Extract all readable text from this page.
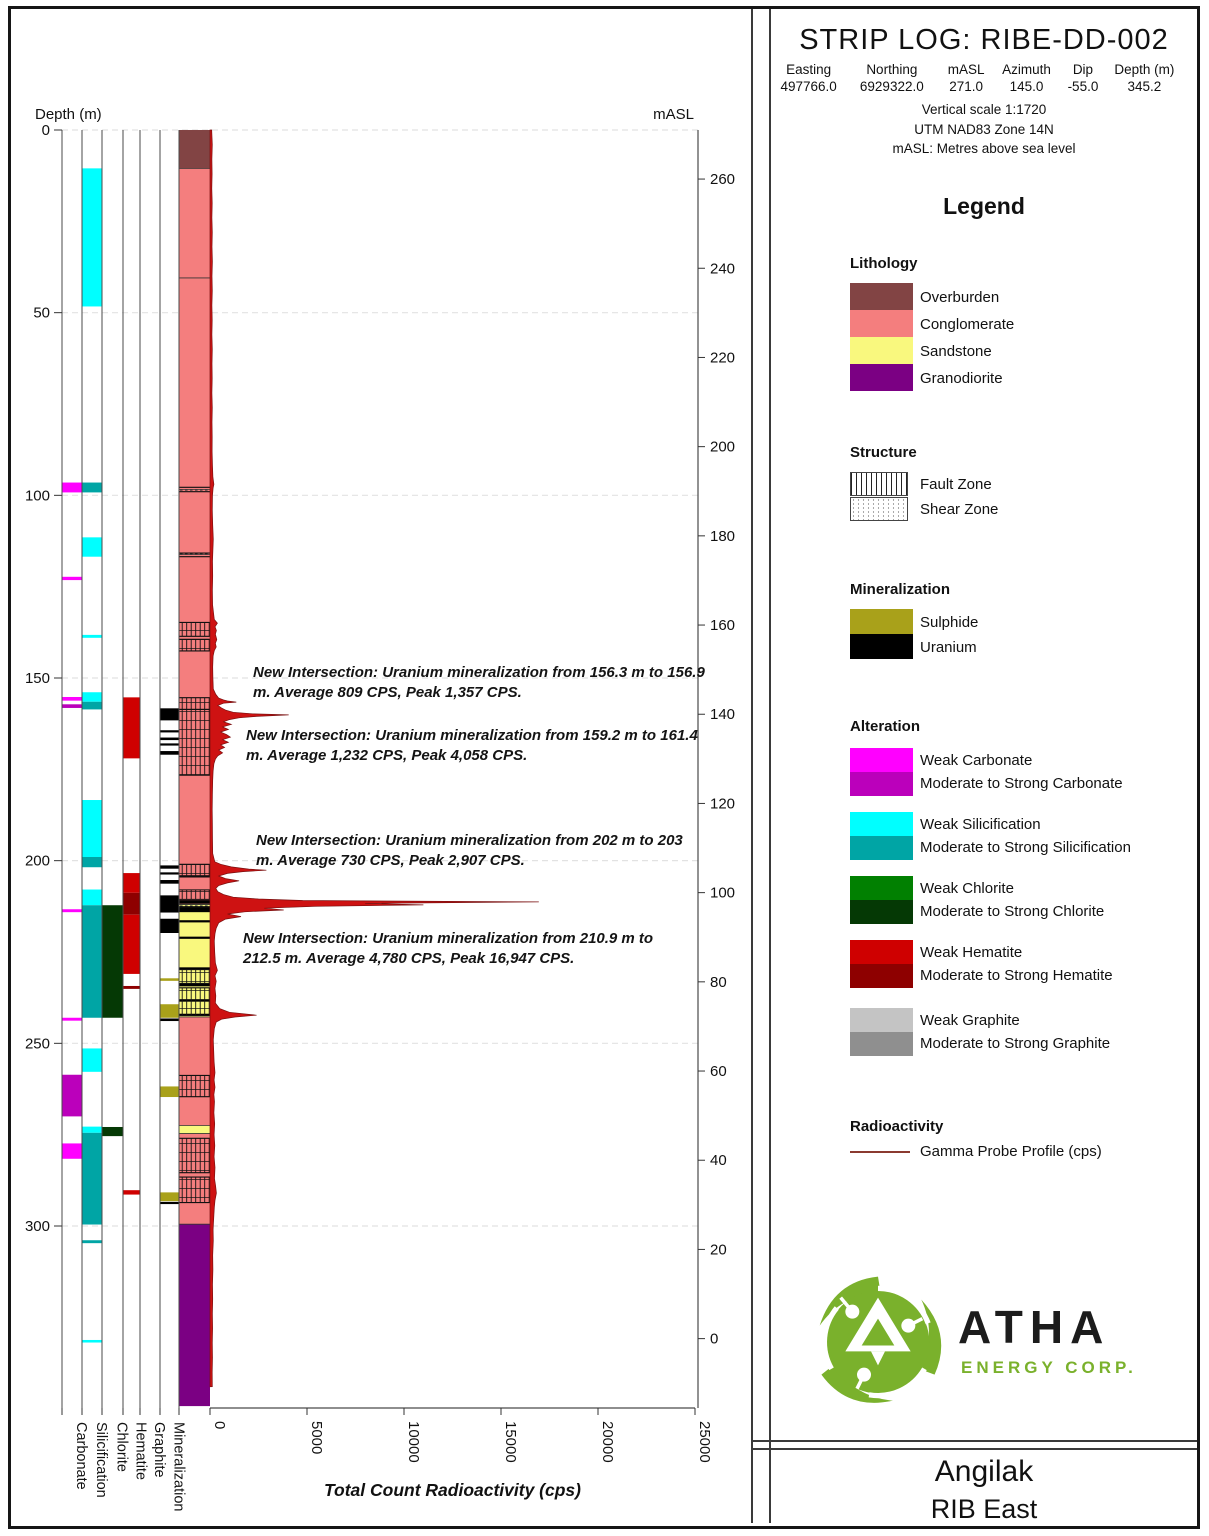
260
240
220
200
180
160
140
120
100
80
60
40
20
0
0
50
100
150
200
250
300
0	5000	10000	15000	20000	25000
Carbonate Silicification Chlorite Hematite Graphite Mineralization
Depth (m)	mASL
Total Count Radioactivity (cps)
New Intersection: Uranium mineralization from 156.3 m to 156.9 m. Average 809 CPS, Peak 1,357 CPS.
New Intersection: Uranium mineralization from 159.2 m to 161.4 m. Average 1,232 CPS, Peak 4,058 CPS.
New Intersection: Uranium mineralization from 202 m to 203 m. Average 730 CPS, Peak 2,907 CPS.
New Intersection: Uranium mineralization from 210.9 m to 212.5 m. Average 4,780 CPS, Peak 16,947 CPS.
STRIP LOG: RIBE-DD-002
Easting
497766.0
Northing
6929322.0
mASL
271.0
Azimuth
145.0
Dip
-55.0
Depth (m)
345.2
Vertical scale 1:1720
UTM NAD83 Zone 14N
mASL: Metres above sea level
Legend
Lithology
Overburden
Conglomerate
Sandstone
Granodiorite
Structure
Fault Zone
Shear Zone
Mineralization
Sulphide
Uranium
Alteration
Weak Carbonate
Moderate to Strong Carbonate
Weak Silicification
Moderate to Strong Silicification
Weak Chlorite
Moderate to Strong Chlorite
Weak Hematite
Moderate to Strong Hematite
Weak Graphite
Moderate to Strong Graphite
Radioactivity
Gamma Probe Profile (cps)
ATHA
ENERGY CORP.
Angilak
RIB East
